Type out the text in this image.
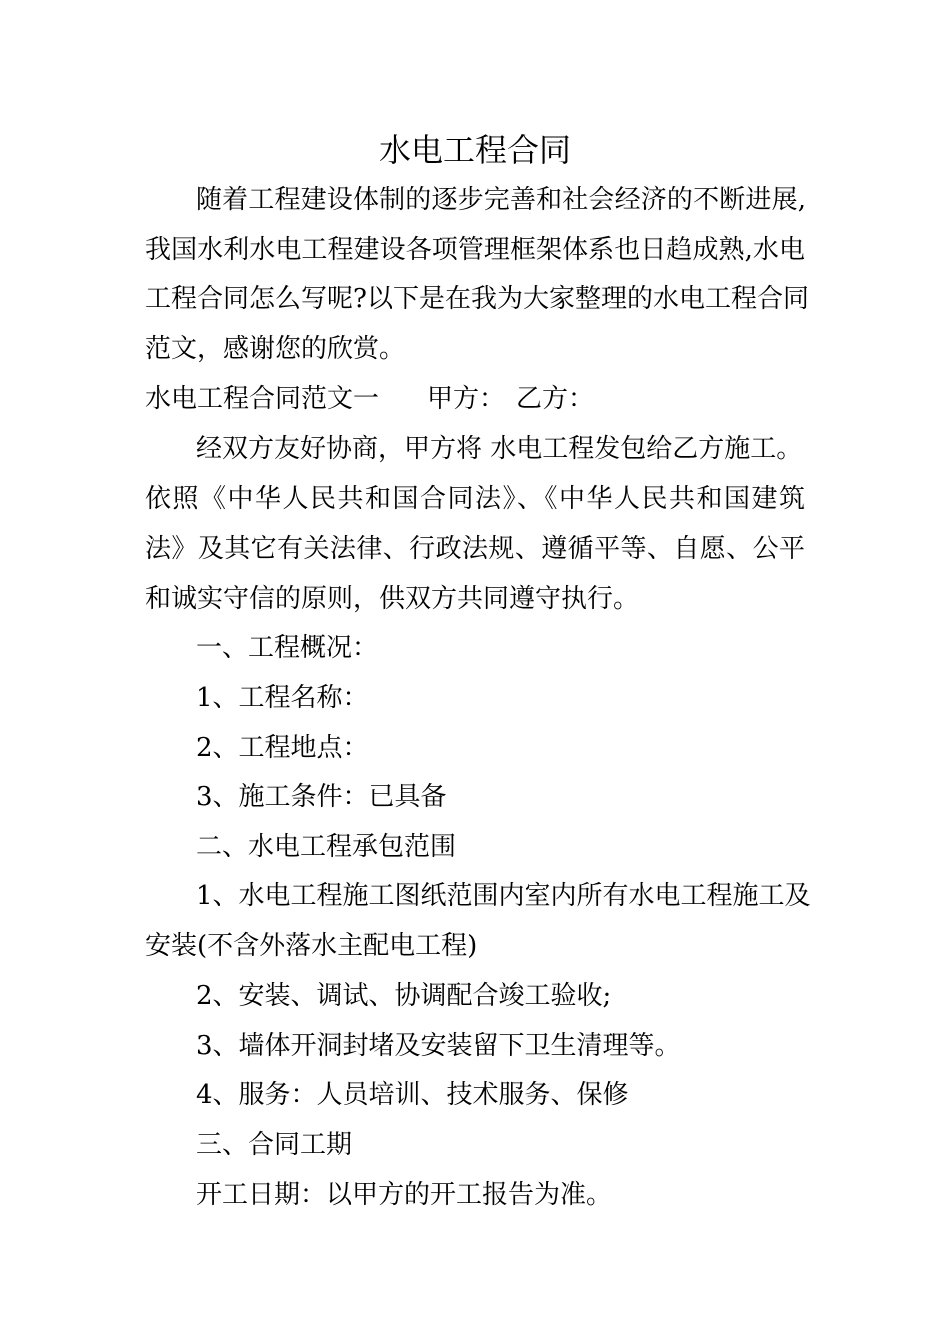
水电工程合同
随着工程建设体制的逐步完善和社会经济的不断进展,
我国水利水电工程建设各项管理框架体系也日趋成熟,水电
工程合同怎么写呢?以下是在我为大家整理的水电工程合同
范文，感谢您的欣赏。
水电工程合同范文一 甲方： 乙方：
经双方友好协商，甲方将 水电工程发包给乙方施工。
依照《中华人民共和国合同法》、《中华人民共和国建筑
法》及其它有关法律、行政法规、遵循平等、自愿、公平
和诚实守信的原则，供双方共同遵守执行。
一、工程概况：
1、工程名称：
2、工程地点：
3、施工条件：已具备
二、水电工程承包范围
1、水电工程施工图纸范围内室内所有水电工程施工及
安装(不含外落水主配电工程)
2、安装、调试、协调配合竣工验收;
3、墙体开洞封堵及安装留下卫生清理等。
4、服务：人员培训、技术服务、保修
三、合同工期
开工日期：以甲方的开工报告为准。
